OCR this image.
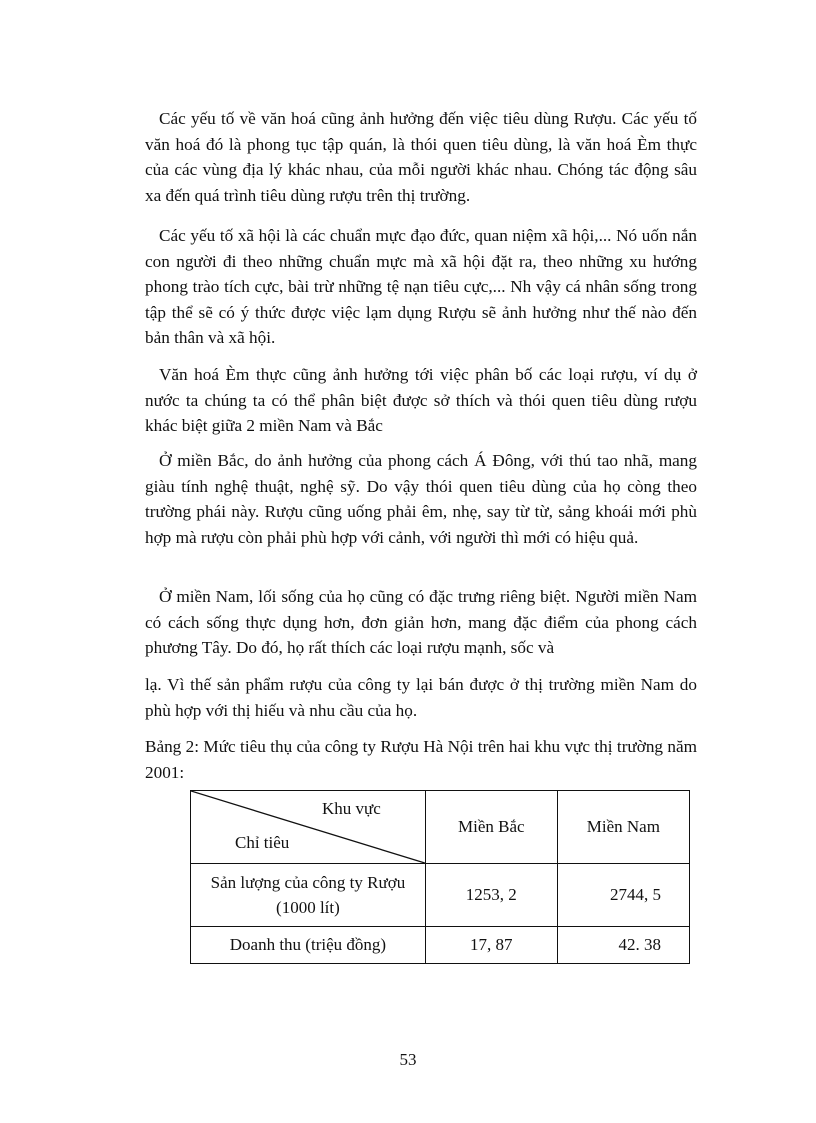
Các yếu tố về văn hoá cũng ảnh hưởng đến việc tiêu dùng Rượu. Các yếu tố văn hoá đó là phong tục tập quán, là thói quen tiêu dùng, là văn hoá Èm thực của các vùng địa lý khác nhau, của mỗi người khác nhau. Chóng tác động sâu xa đến quá trình tiêu dùng rượu trên thị trường.

Các yếu tố xã hội là các chuẩn mực đạo đức, quan niệm xã hội,... Nó uốn nắn con người đi theo những chuẩn mực mà xã hội đặt ra, theo những xu hướng phong trào tích cực, bài trừ những tệ nạn tiêu cực,... Nh vậy cá nhân sống trong tập thể sẽ có ý thức được việc lạm dụng Rượu sẽ ảnh hưởng như thế nào đến bản thân và xã hội.

Văn hoá Èm thực cũng ảnh hưởng tới việc phân bố các loại rượu, ví dụ ở nước ta chúng ta có thể phân biệt được sở thích và thói quen tiêu dùng rượu khác biệt giữa 2 miền Nam và Bắc

Ở miền Bắc, do ảnh hưởng của phong cách Á Đông, với thú tao nhã, mang giàu tính nghệ thuật, nghệ sỹ. Do vậy thói quen tiêu dùng của họ còng theo trường phái này. Rượu cũng uống phải êm, nhẹ, say từ từ, sảng khoái mới phù hợp mà rượu còn phải phù hợp với cảnh, với người thì mới có hiệu quả.

Ở miền Nam, lối sống của họ cũng có đặc trưng riêng biệt. Người miền Nam có cách sống thực dụng hơn, đơn giản hơn, mang đặc điểm của phong cách phương Tây. Do đó, họ rất thích các loại rượu mạnh, sốc và

lạ. Vì thế sản phẩm rượu của công ty lại bán được ở thị trường miền Nam do phù hợp với thị hiếu và nhu cầu của họ.

Bảng 2: Mức tiêu thụ của công ty Rượu Hà Nội trên hai khu vực thị trường năm 2001:

Khu vực
Chỉ tiêu	Miền Bắc	Miền Nam
Sản lượng của công ty Rượu
(1000 lít)	1253, 2	2744, 5
Doanh thu (triệu đồng)	17, 87	42. 38
53
